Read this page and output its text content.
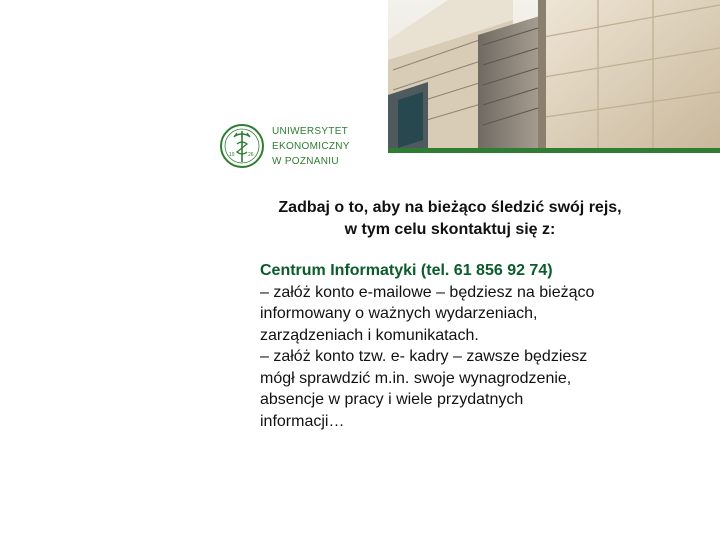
19	26
UNIWERSYTET
EKONOMICZNY
W POZNANIU
Zadbaj o to, aby na bieżąco śledzić swój rejs,
w tym celu skontaktuj się z:
Centrum Informatyki (tel. 61 856 92 74)
– załóż konto e-mailowe – będziesz na bieżąco
informowany o ważnych wydarzeniach,
zarządzeniach i komunikatach.
– załóż konto tzw. e- kadry – zawsze będziesz
mógł sprawdzić m.in. swoje wynagrodzenie,
absencje w pracy i wiele przydatnych
informacji…
